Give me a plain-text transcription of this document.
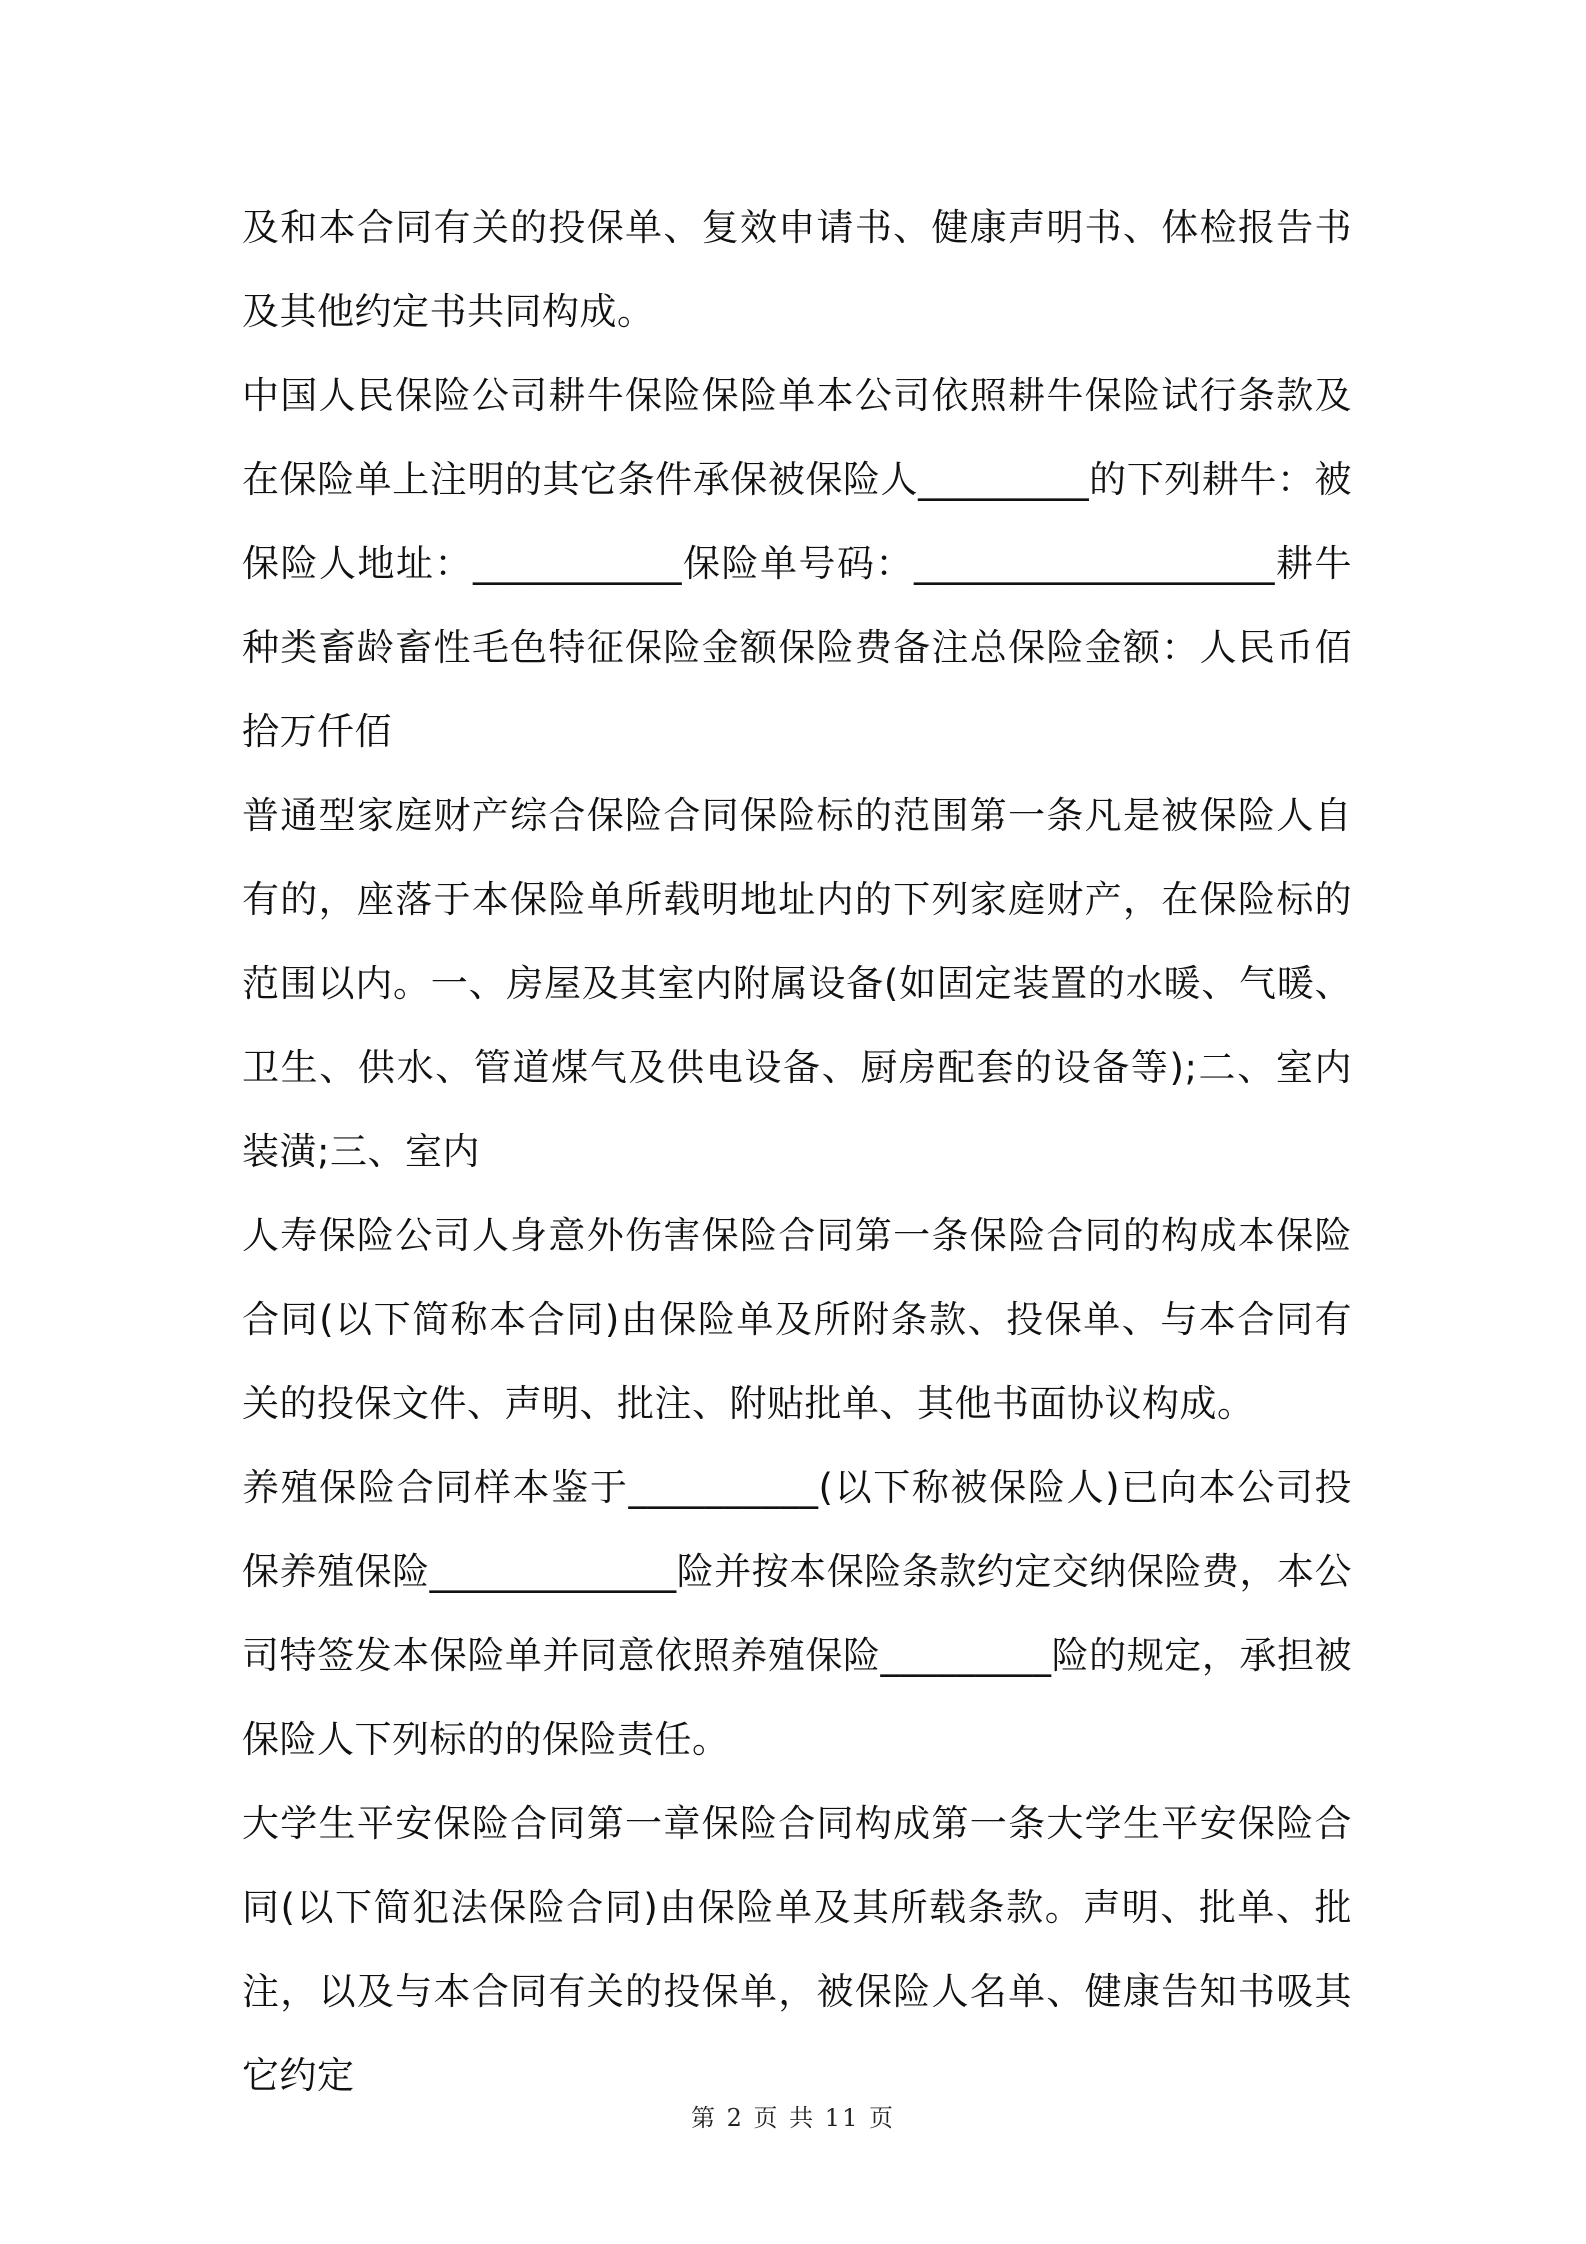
及和本合同有关的投保单、复效申请书、健康声明书、体检报告书及其他约定书共同构成。

中国人民保险公司耕牛保险保险单本公司依照耕牛保险试行条款及在保险单上注明的其它条件承保被保险人_________的下列耕牛：被保险人地址：___________保险单号码：___________________耕牛种类畜龄畜性毛色特征保险金额保险费备注总保险金额：人民币佰拾万仟佰

普通型家庭财产综合保险合同保险标的范围第一条凡是被保险人自有的，座落于本保险单所载明地址内的下列家庭财产，在保险标的范围以内。一、房屋及其室内附属设备(如固定装置的水暖、气暖、卫生、供水、管道煤气及供电设备、厨房配套的设备等);二、室内装潢;三、室内

人寿保险公司人身意外伤害保险合同第一条保险合同的构成本保险合同(以下简称本合同)由保险单及所附条款、投保单、与本合同有关的投保文件、声明、批注、附贴批单、其他书面协议构成。

养殖保险合同样本鉴于__________(以下称被保险人)已向本公司投保养殖保险_____________险并按本保险条款约定交纳保险费，本公司特签发本保险单并同意依照养殖保险_________险的规定，承担被保险人下列标的的保险责任。

大学生平安保险合同第一章保险合同构成第一条大学生平安保险合同(以下简犯法保险合同)由保险单及其所载条款。声明、批单、批注，以及与本合同有关的投保单，被保险人名单、健康告知书吸其它约定

第 2 页 共 11 页
